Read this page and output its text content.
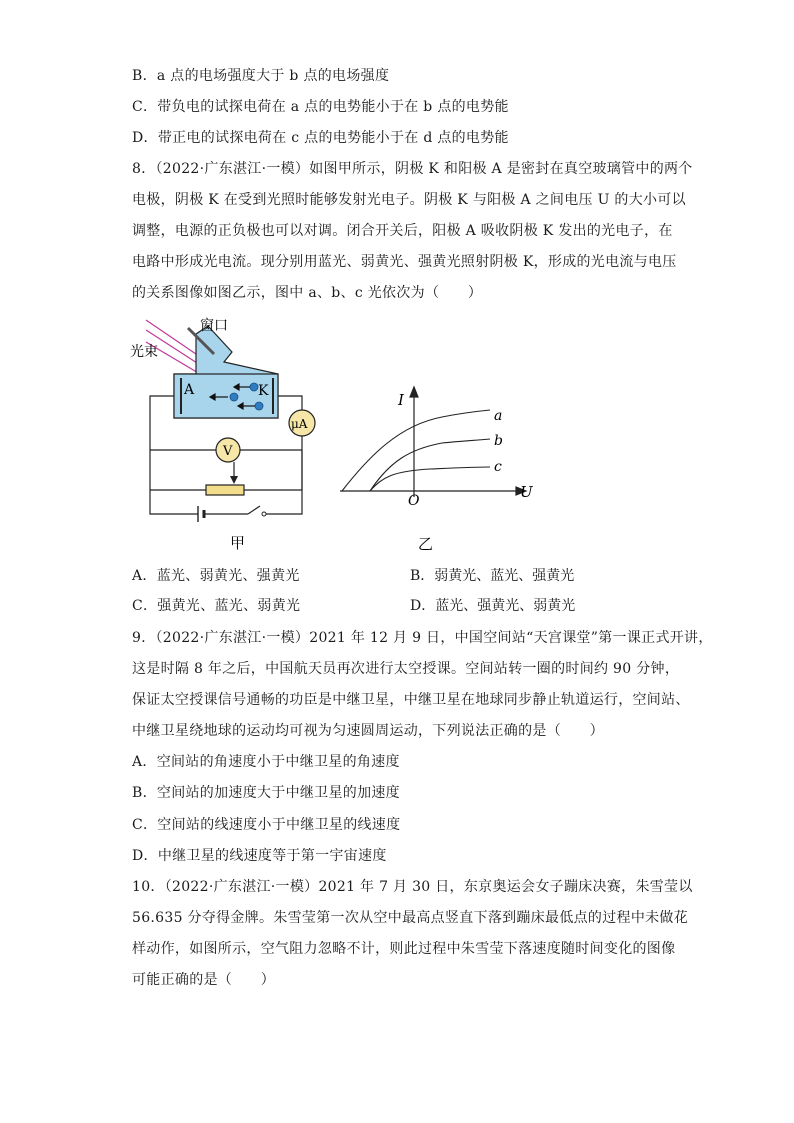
B．a 点的电场强度大于 b 点的电场强度
C．带负电的试探电荷在 a 点的电势能小于在 b 点的电势能
D．带正电的试探电荷在 c 点的电势能小于在 d 点的电势能
8．（2022·广东湛江·一模）如图甲所示，阴极 K 和阳极 A 是密封在真空玻璃管中的两个
电极，阴极 K 在受到光照时能够发射光电子。阴极 K 与阳极 A 之间电压 U 的大小可以
调整，电源的正负极也可以对调。闭合开关后，阳极 A 吸收阴极 K 发出的光电子，在
电路中形成光电流。现分别用蓝光、弱黄光、强黄光照射阴极 K，形成的光电流与电压
的关系图像如图乙示，图中 a、b、c 光依次为（　　）
窗口
光束
A	K
μA
V
甲
I
U
O
a
b
c
乙
A．蓝光、弱黄光、强黄光	B．弱黄光、蓝光、强黄光
C．强黄光、蓝光、弱黄光	D．蓝光、强黄光、弱黄光
9．（2022·广东湛江·一模）2021 年 12 月 9 日，中国空间站“天宫课堂”第一课正式开讲，
这是时隔 8 年之后，中国航天员再次进行太空授课。空间站转一圈的时间约 90 分钟，
保证太空授课信号通畅的功臣是中继卫星，中继卫星在地球同步静止轨道运行，空间站、
中继卫星绕地球的运动均可视为匀速圆周运动，下列说法正确的是（　　）
A．空间站的角速度小于中继卫星的角速度
B．空间站的加速度大于中继卫星的加速度
C．空间站的线速度小于中继卫星的线速度
D．中继卫星的线速度等于第一宇宙速度
10．（2022·广东湛江·一模）2021 年 7 月 30 日，东京奥运会女子蹦床决赛，朱雪莹以
56.635 分夺得金牌。朱雪莹第一次从空中最高点竖直下落到蹦床最低点的过程中未做花
样动作，如图所示，空气阻力忽略不计，则此过程中朱雪莹下落速度随时间变化的图像
可能正确的是（　　）
